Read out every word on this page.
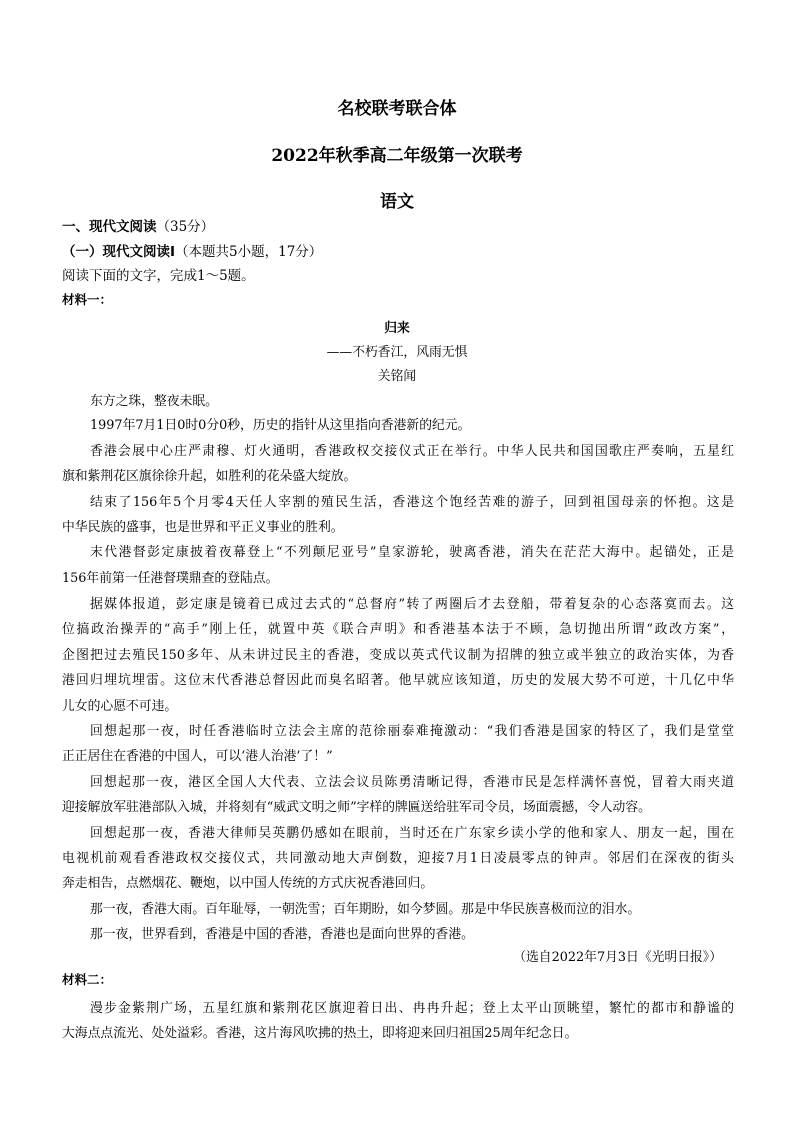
名校联考联合体
2022年秋季高二年级第一次联考
语文
一、现代文阅读（35分）
（一）现代文阅读Ⅰ（本题共5小题，17分）
阅读下面的文字，完成1～5题。
材料一：
归来
——不朽香江，风雨无惧
关铭闻
东方之珠，整夜未眠。
1997年7月1日0时0分0秒，历史的指针从这里指向香港新的纪元。
香港会展中心庄严肃穆、灯火通明，香港政权交接仪式正在举行。中华人民共和国国歌庄严奏响，五星红
旗和紫荆花区旗徐徐升起，如胜利的花朵盛大绽放。
结束了156年5个月零4天任人宰割的殖民生活，香港这个饱经苦难的游子，回到祖国母亲的怀抱。这是
中华民族的盛事，也是世界和平正义事业的胜利。
末代港督彭定康披着夜幕登上“不列颠尼亚号”皇家游轮，驶离香港，消失在茫茫大海中。起锚处，正是
156年前第一任港督璞鼎查的登陆点。
据媒体报道，彭定康是镜着已成过去式的“总督府”转了两圈后才去登船，带着复杂的心态落寞而去。这
位搞政治操弄的“高手”刚上任，就置中英《联合声明》和香港基本法于不顾，急切抛出所谓“政改方案”，
企图把过去殖民150多年、从未讲过民主的香港，变成以英式代议制为招牌的独立或半独立的政治实体，为香
港回归埋坑埋雷。这位末代香港总督因此而臭名昭著。他早就应该知道，历史的发展大势不可逆，十几亿中华
儿女的心愿不可违。
回想起那一夜，时任香港临时立法会主席的范徐丽泰难掩激动：“我们香港是国家的特区了，我们是堂堂
正正居住在香港的中国人，可以‘港人治港’了！”
回想起那一夜，港区全国人大代表、立法会议员陈勇清晰记得，香港市民是怎样满怀喜悦，冒着大雨夹道
迎接解放军驻港部队入城，并将刻有“威武文明之师”字样的牌匾送给驻军司令员，场面震撼，令人动容。
回想起那一夜，香港大律师吴英鹏仍感如在眼前，当时还在广东家乡读小学的他和家人、朋友一起，围在
电视机前观看香港政权交接仪式，共同激动地大声倒数，迎接7月1日凌晨零点的钟声。邻居们在深夜的街头
奔走相告，点燃烟花、鞭炮，以中国人传统的方式庆祝香港回归。
那一夜，香港大雨。百年耻辱，一朝洗雪；百年期盼，如今梦圆。那是中华民族喜极而泣的泪水。
那一夜，世界看到，香港是中国的香港，香港也是面向世界的香港。
（选自2022年7月3日《光明日报》）
材料二：
漫步金紫荆广场，五星红旗和紫荆花区旗迎着日出、冉冉升起；登上太平山顶眺望，繁忙的都市和静谧的
大海点点流光、处处溢彩。香港，这片海风吹拂的热土，即将迎来回归祖国25周年纪念日。
